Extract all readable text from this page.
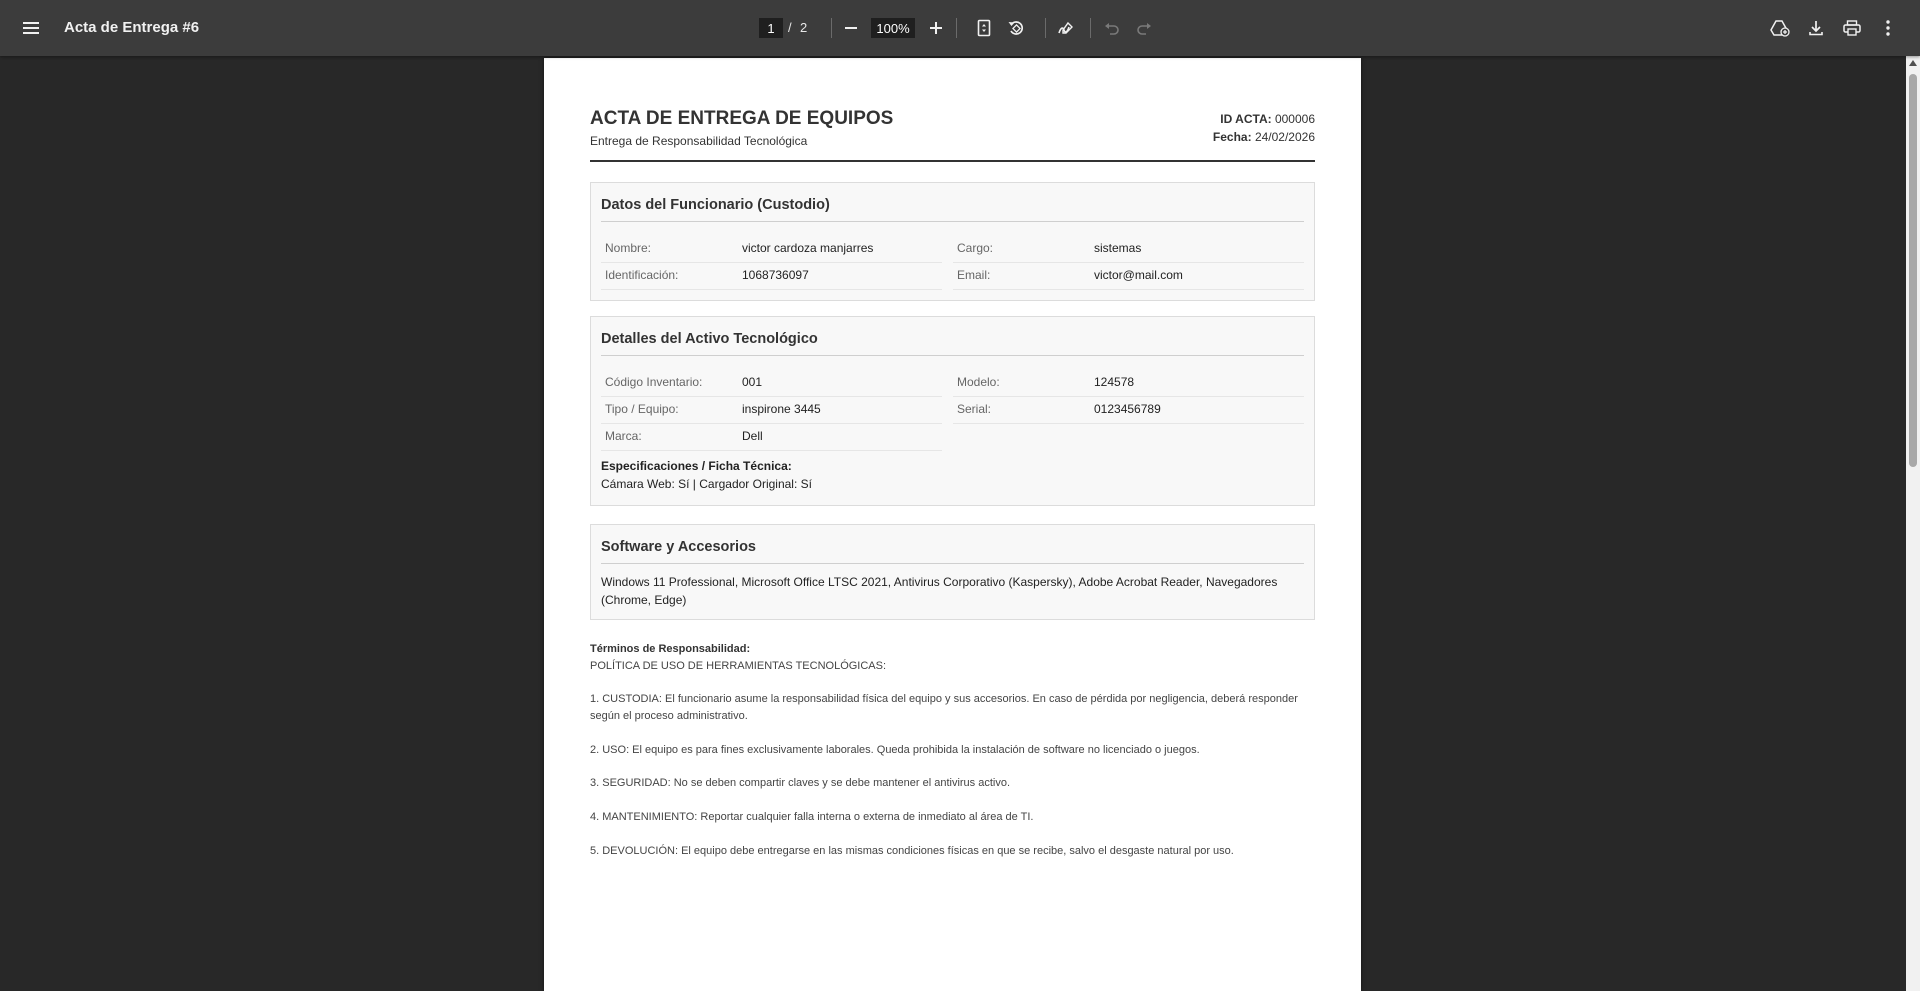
Acta de Entrega #6
1	/ 2
100%
ACTA DE ENTREGA DE EQUIPOS
Entrega de Responsabilidad Tecnológica
ID ACTA: 000006
Fecha: 24/02/2026
Datos del Funcionario (Custodio)
Nombre:	victor cardoza manjarres	Cargo:	sistemas
Identificación:	1068736097	Email:	victor@mail.com
Detalles del Activo Tecnológico
Código Inventario:	001	Modelo:	124578
Tipo / Equipo:	inspirone 3445	Serial:	0123456789
Marca:	Dell
Especificaciones / Ficha Técnica:
Cámara Web: Sí | Cargador Original: Sí
Software y Accesorios
Windows 11 Professional, Microsoft Office LTSC 2021, Antivirus Corporativo (Kaspersky), Adobe Acrobat Reader, Navegadores (Chrome, Edge)

Términos de Responsabilidad:

POLÍTICA DE USO DE HERRAMIENTAS TECNOLÓGICAS:

1. CUSTODIA: El funcionario asume la responsabilidad física del equipo y sus accesorios. En caso de pérdida por negligencia, deberá responder según el proceso administrativo.

2. USO: El equipo es para fines exclusivamente laborales. Queda prohibida la instalación de software no licenciado o juegos.

3. SEGURIDAD: No se deben compartir claves y se debe mantener el antivirus activo.

4. MANTENIMIENTO: Reportar cualquier falla interna o externa de inmediato al área de TI.

5. DEVOLUCIÓN: El equipo debe entregarse en las mismas condiciones físicas en que se recibe, salvo el desgaste natural por uso.
